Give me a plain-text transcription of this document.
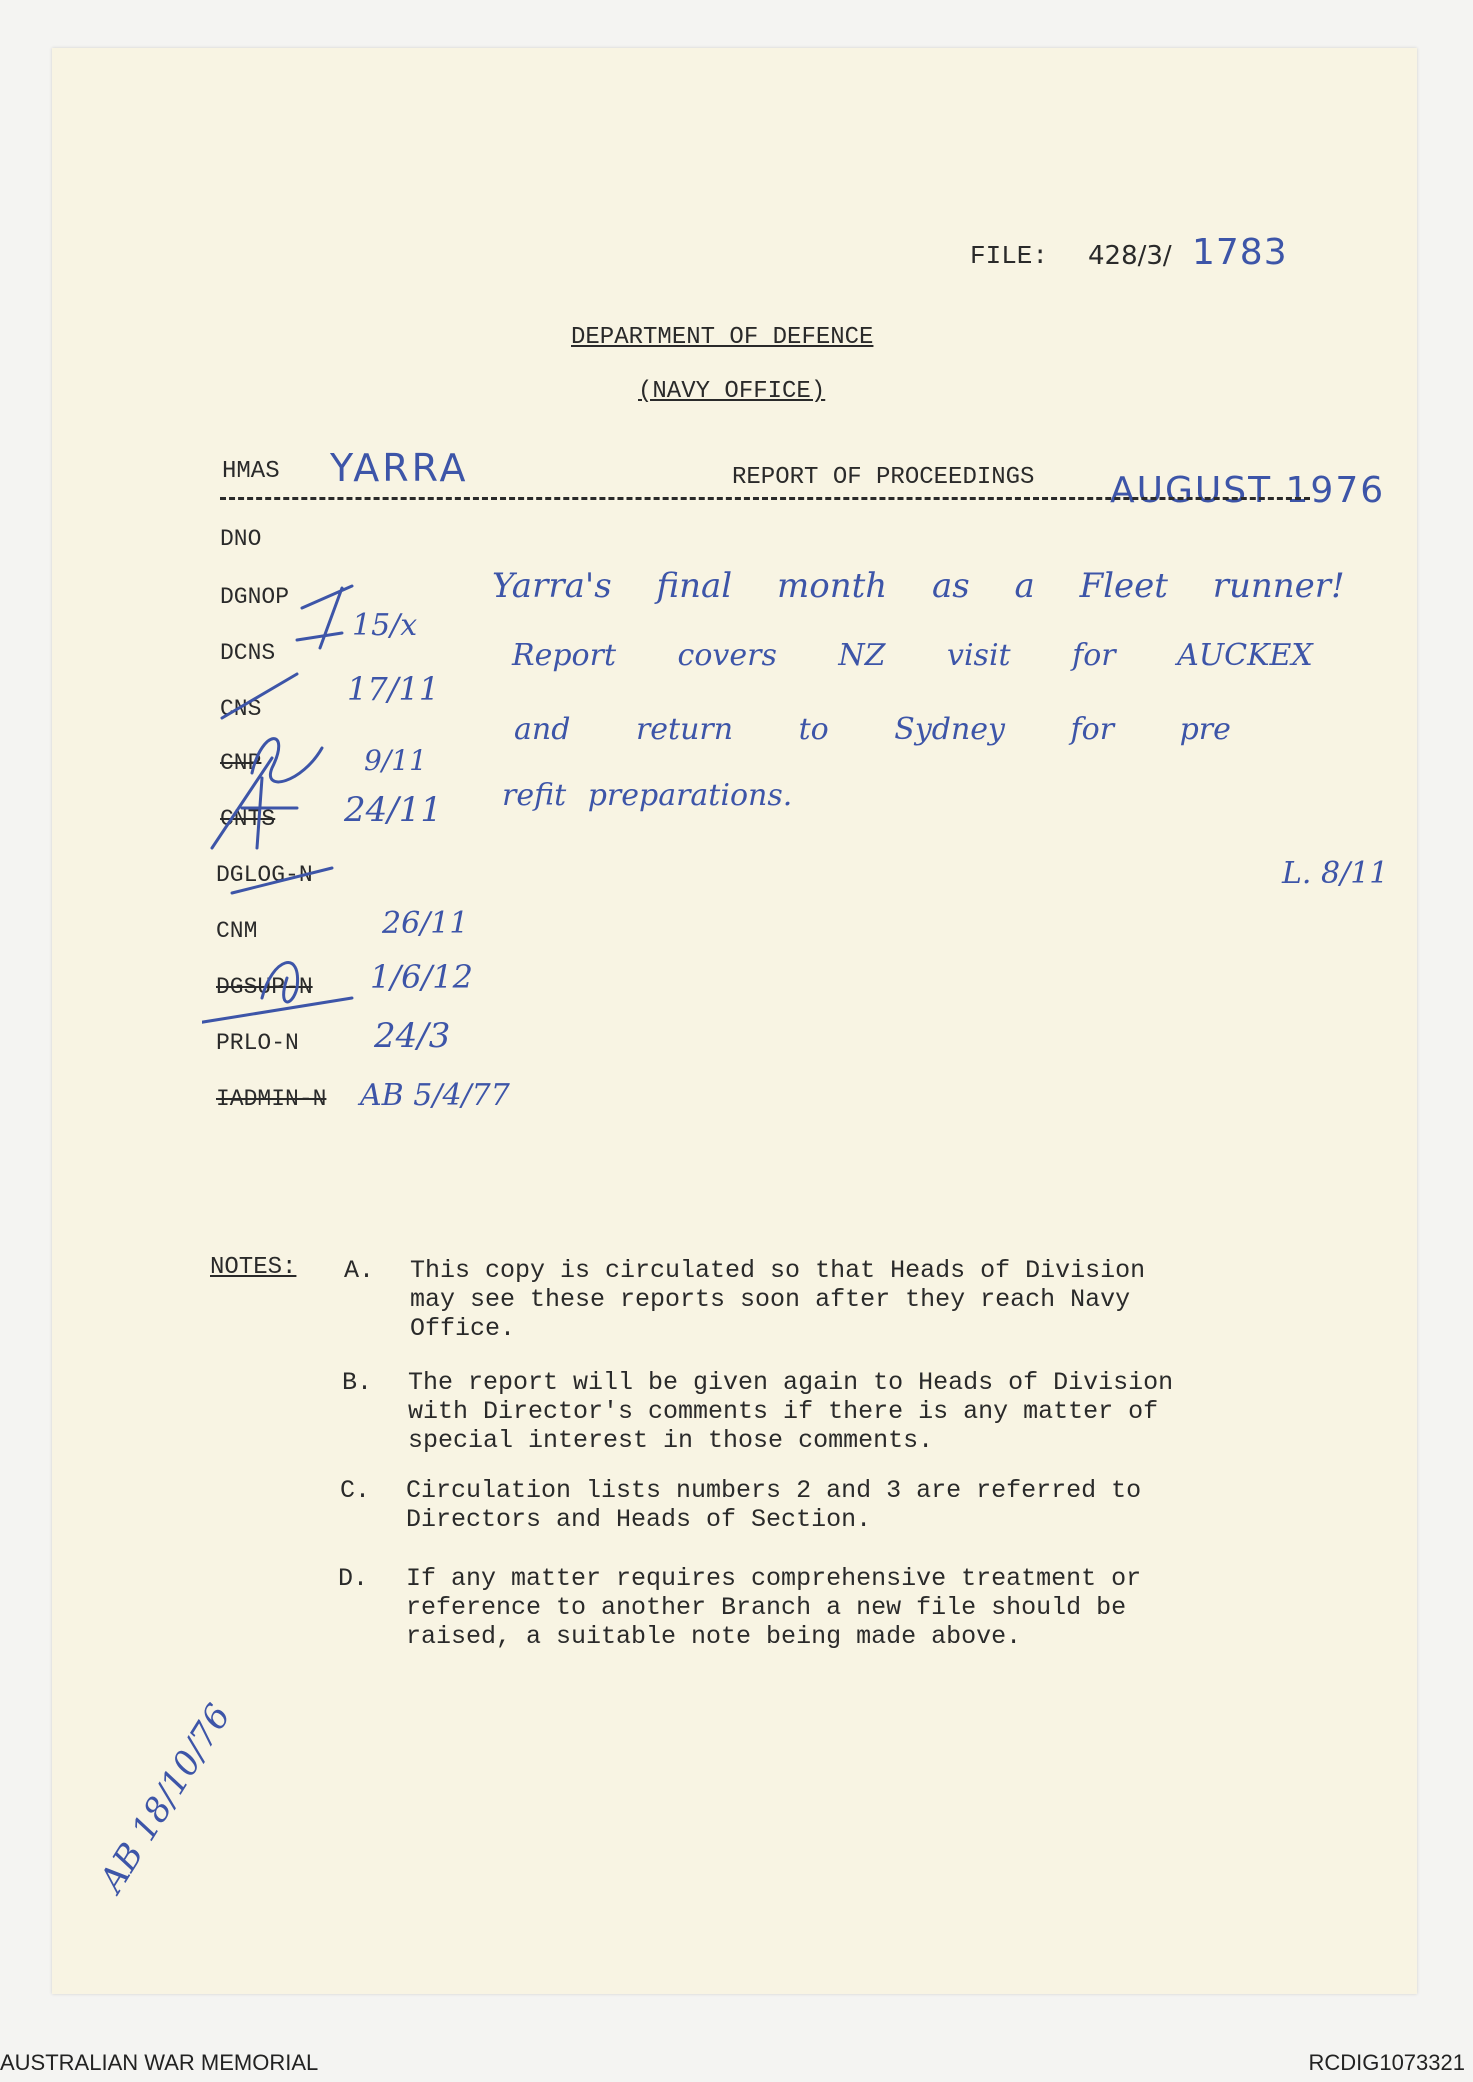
FILE: 428/3/ 1783
DEPARTMENT OF DEFENCE
(NAVY OFFICE)
HMAS YARRA	REPORT OF PROCEEDINGS AUGUST 1976
DNO
DGNOP
DCNS
CNS
CNP
CNTS
DGLOG-N
CNM
DGSUP-N
PRLO-N
IADMIN-N
15/x
17/11
9/11
24/11
26/11
1/6/12
24/3
AB 5/4/77
Yarra's final month as a Fleet runner!
Report covers NZ visit for AUCKEX
and return to Sydney for pre
refit preparations.
L. 8/11
NOTES: A. This copy is circulated so that Heads of Division
may see these reports soon after they reach Navy
Office.
B. The report will be given again to Heads of Division
with Director's comments if there is any matter of
special interest in those comments.
C. Circulation lists numbers 2 and 3 are referred to
Directors and Heads of Section.
D. If any matter requires comprehensive treatment or
reference to another Branch a new file should be
raised, a suitable note being made above.
AB 18/10/76
AUSTRALIAN WAR MEMORIAL	RCDIG1073321
